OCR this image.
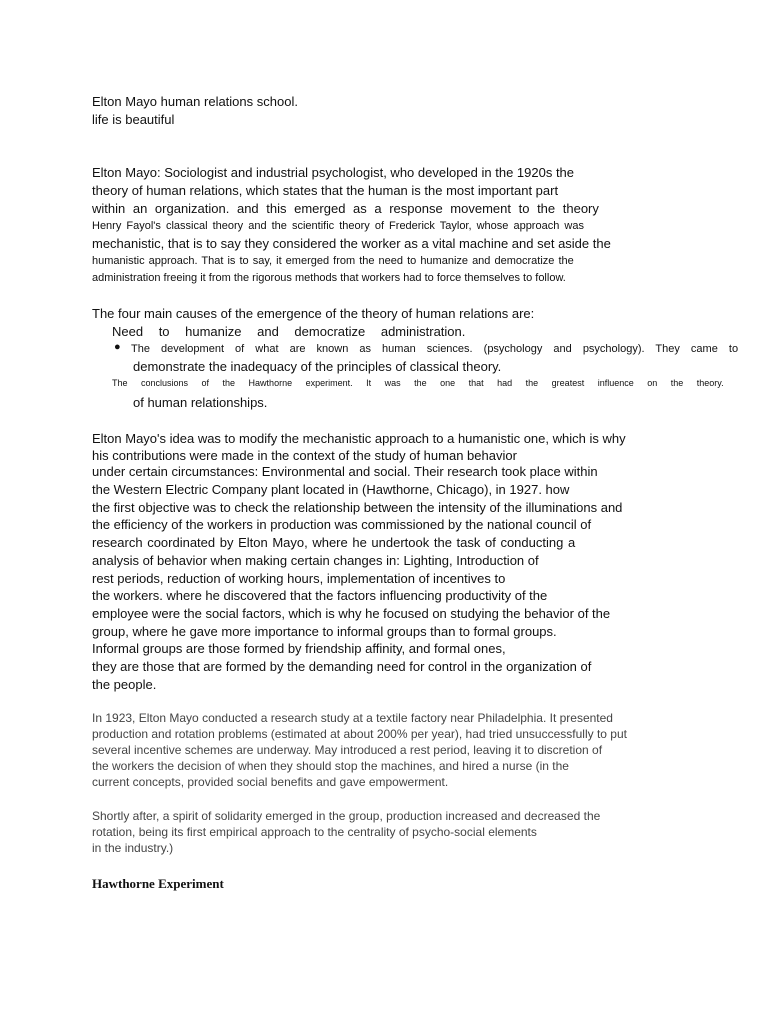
Elton Mayo human relations school.
life is beautiful
Elton Mayo: Sociologist and industrial psychologist, who developed in the 1920s the
theory of human relations, which states that the human is the most important part
within an organization. and this emerged as a response movement to the theory
Henry Fayol's classical theory and the scientific theory of Frederick Taylor, whose approach was
mechanistic, that is to say they considered the worker as a vital machine and set aside the
humanistic approach. That is to say, it emerged from the need to humanize and democratize the
administration freeing it from the rigorous methods that workers had to force themselves to follow.
The four main causes of the emergence of the theory of human relations are:
Need to humanize and democratize administration.
● The development of what are known as human sciences. (psychology and psychology). They came to
demonstrate the inadequacy of the principles of classical theory.
The conclusions of the Hawthorne experiment. It was the one that had the greatest influence on the theory.
of human relationships.
Elton Mayo's idea was to modify the mechanistic approach to a humanistic one, which is why
his contributions were made in the context of the study of human behavior
under certain circumstances: Environmental and social. Their research took place within
the Western Electric Company plant located in (Hawthorne, Chicago), in 1927. how
the first objective was to check the relationship between the intensity of the illuminations and
the efficiency of the workers in production was commissioned by the national council of
research coordinated by Elton Mayo, where he undertook the task of conducting a
analysis of behavior when making certain changes in: Lighting, Introduction of
rest periods, reduction of working hours, implementation of incentives to
the workers. where he discovered that the factors influencing productivity of the
employee were the social factors, which is why he focused on studying the behavior of the
group, where he gave more importance to informal groups than to formal groups.
Informal groups are those formed by friendship affinity, and formal ones,
they are those that are formed by the demanding need for control in the organization of
the people.
In 1923, Elton Mayo conducted a research study at a textile factory near Philadelphia. It presented
production and rotation problems (estimated at about 200% per year), had tried unsuccessfully to put
several incentive schemes are underway. May introduced a rest period, leaving it to discretion of
the workers the decision of when they should stop the machines, and hired a nurse (in the
current concepts, provided social benefits and gave empowerment.
Shortly after, a spirit of solidarity emerged in the group, production increased and decreased the
rotation, being its first empirical approach to the centrality of psycho-social elements
in the industry.)
Hawthorne Experiment
